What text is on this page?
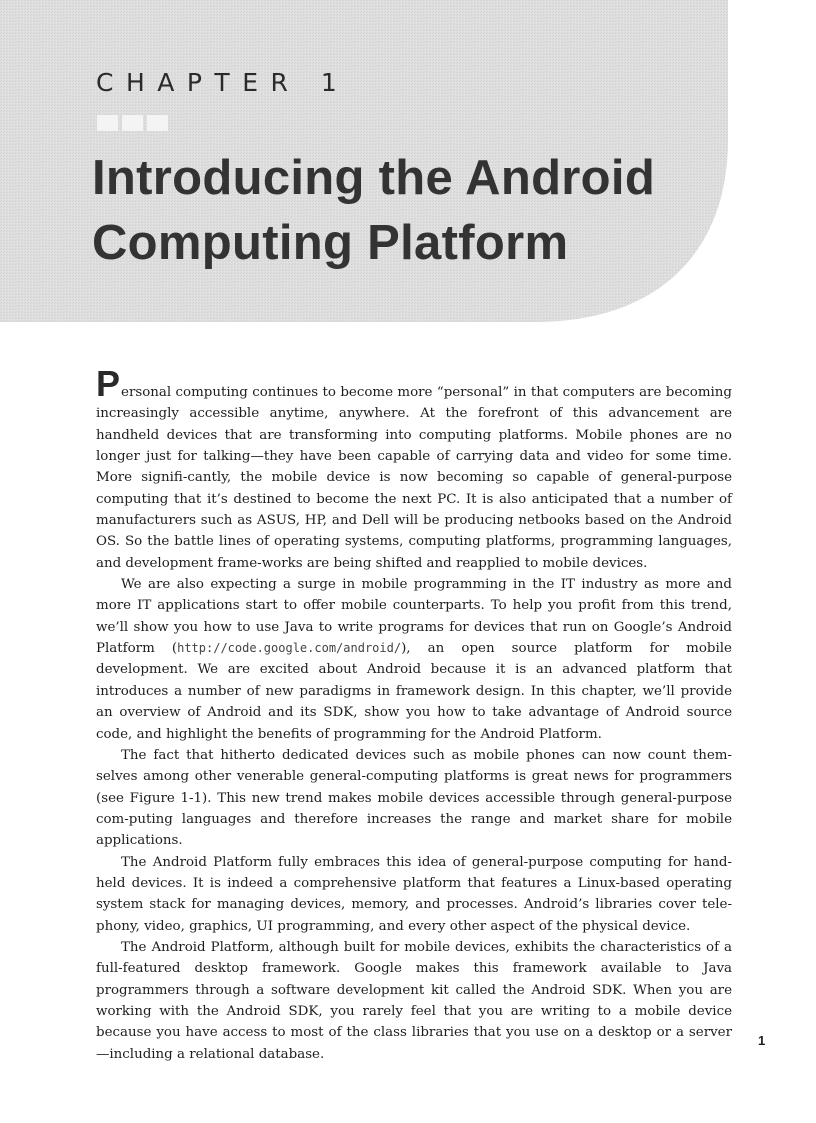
CHAPTER 1
Introducing the Android
Computing Platform

Personal computing continues to become more “personal” in that computers are becoming increasingly accessible anytime, anywhere. At the forefront of this advancement are handheld devices that are transforming into computing platforms. Mobile phones are no longer just for talking—they have been capable of carrying data and video for some time. More signifi-cantly, the mobile device is now becoming so capable of general-purpose computing that it’s destined to become the next PC. It is also anticipated that a number of manufacturers such as ASUS, HP, and Dell will be producing netbooks based on the Android OS. So the battle lines of operating systems, computing platforms, programming languages, and development frame-works are being shifted and reapplied to mobile devices.

We are also expecting a surge in mobile programming in the IT industry as more and more IT applications start to offer mobile counterparts. To help you profit from this trend, we’ll show you how to use Java to write programs for devices that run on Google’s Android Platform (http://code.google.com/android/), an open source platform for mobile development. We are excited about Android because it is an advanced platform that introduces a number of new paradigms in framework design. In this chapter, we’ll provide an overview of Android and its SDK, show you how to take advantage of Android source code, and highlight the benefits of programming for the Android Platform.

The fact that hitherto dedicated devices such as mobile phones can now count them-selves among other venerable general-computing platforms is great news for programmers (see Figure 1-1). This new trend makes mobile devices accessible through general-purpose com-puting languages and therefore increases the range and market share for mobile applications.

The Android Platform fully embraces this idea of general-purpose computing for hand-held devices. It is indeed a comprehensive platform that features a Linux-based operating system stack for managing devices, memory, and processes. Android’s libraries cover tele-phony, video, graphics, UI programming, and every other aspect of the physical device.

The Android Platform, although built for mobile devices, exhibits the characteristics of a full-featured desktop framework. Google makes this framework available to Java programmers through a software development kit called the Android SDK. When you are working with the Android SDK, you rarely feel that you are writing to a mobile device because you have access to most of the class libraries that you use on a desktop or a server—including a relational database.

1
